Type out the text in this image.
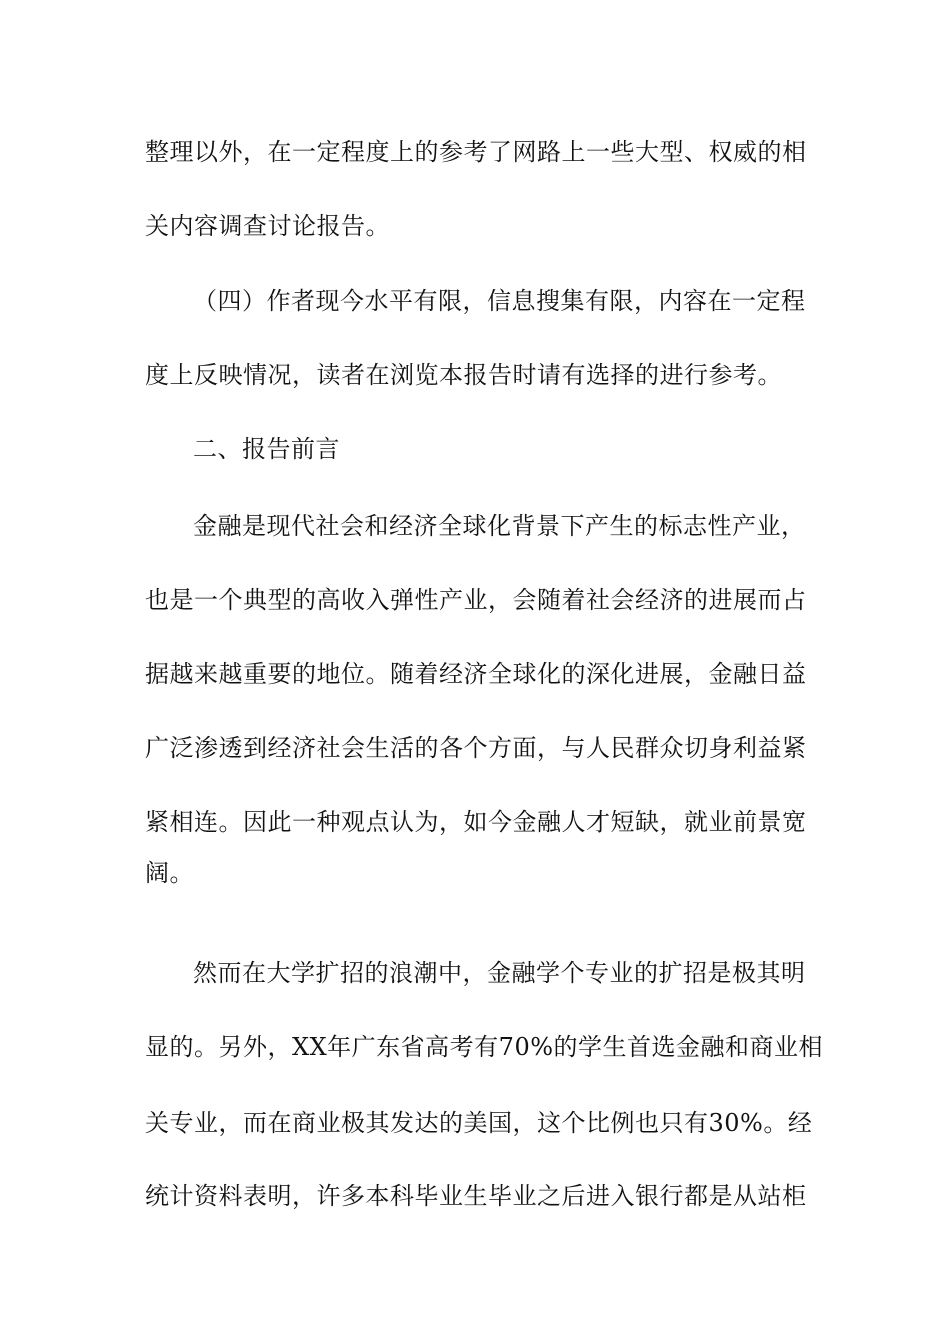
整理以外，在一定程度上的参考了网路上一些大型、权威的相
关内容调查讨论报告。
（四）作者现今水平有限，信息搜集有限，内容在一定程
度上反映情况，读者在浏览本报告时请有选择的进行参考。
二、报告前言
金融是现代社会和经济全球化背景下产生的标志性产业，
也是一个典型的高收入弹性产业，会随着社会经济的进展而占
据越来越重要的地位。随着经济全球化的深化进展，金融日益
广泛渗透到经济社会生活的各个方面，与人民群众切身利益紧
紧相连。因此一种观点认为，如今金融人才短缺，就业前景宽
阔。
然而在大学扩招的浪潮中，金融学个专业的扩招是极其明
显的。另外，XX年广东省高考有70%的学生首选金融和商业相
关专业，而在商业极其发达的美国，这个比例也只有30%。经
统计资料表明，许多本科毕业生毕业之后进入银行都是从站柜
